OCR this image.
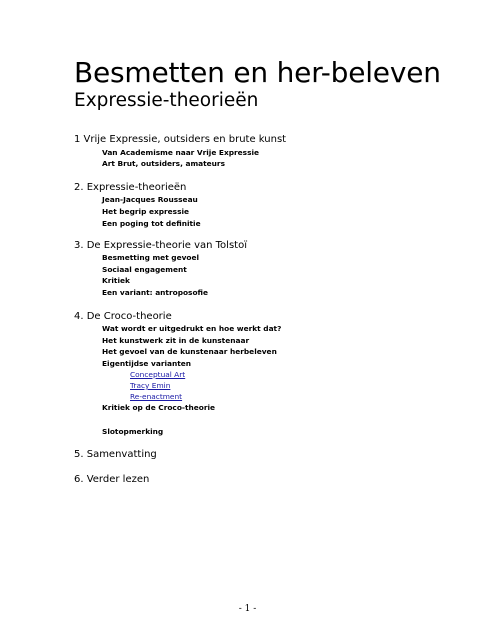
Besmetten en her-beleven
Expressie-theorieën
1 Vrije Expressie, outsiders en brute kunst
Van Academisme naar Vrije Expressie
Art Brut, outsiders, amateurs
2. Expressie-theorieën
Jean-Jacques Rousseau
Het begrip expressie
Een poging tot definitie
3. De Expressie-theorie van Tolstoï
Besmetting met gevoel
Sociaal engagement
Kritiek
Een variant: antroposofie
4. De Croco-theorie
Wat wordt er uitgedrukt en hoe werkt dat?
Het kunstwerk zit in de kunstenaar
Het gevoel van de kunstenaar herbeleven
Eigentijdse varianten
Conceptual Art
Tracy Emin
Re-enactment
Kritiek op de Croco-theorie
Slotopmerking
5. Samenvatting
6. Verder lezen
- 1 -
